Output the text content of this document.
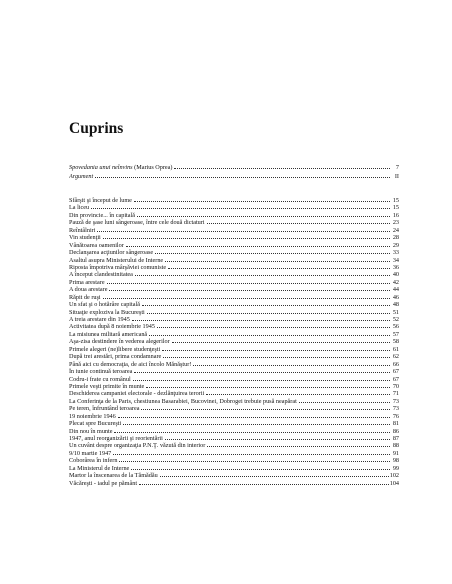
Cuprins
Spovedania unui neînvins (Marius Oprea)	7
Argument	II
Sfârşit şi început de lume	15
La liceu	15
Din provincie... în capitală	16
Pauză de şase luni sângeroase, între cele două dictaturi	23
Reîntâlniri	24
Vin studenţii	28
Vânătoarea oamenilor	29
Declanşarea acţiunilor sângeroase	33
Asaltul asupra Ministerului de Interne	34
Riposta împotriva mârşăviei comuniste	36
A început clandestinitatea	40
Prima arestare	42
A doua arestare	44
Răpit de ruşi	46
Un sfat şi o hotărâre capitală	48
Situaţie exploziva la Bucureşti	51
A treia arestare din 1945	52
Activitatea după 8 noiembrie 1945	56
La misiunea militară americană	57
Aşa-zisa destindere în vederea alegerilor	58
Primele alegeri (ne)libere studenţeşti	61
După trei arestări, prima condamnare	62
Până aici cu democraţia, de aici încolo Mănăştur!	66
În iunie continuă teroarea	67
Codru-i frate cu românul	67
Primele veşti primite în munte	70
Deschiderea campaniei electorale - dezlănţuirea terorii	71
La Conferinţa de la Paris, chestiunea Basarabiei, Bucovinei, Dobrogei trebuie pusă neapărat	73
Pe teren, înfruntând teroarea	73
19 noiembrie 1946	76
Plecat spre Bucureşti	81
Din nou în munte	86
1947, anul reorganizării şi reorientării	87
Un cuvânt despre organizaţia P.N.Ţ. văzută din interior	88
9/10 martie 1947	91
Coborârea în infern	98
La Ministerul de Interne	99
Martor la înscenarea de la Tămădău	102
Văcăreşti - iadul pe pământ	104
